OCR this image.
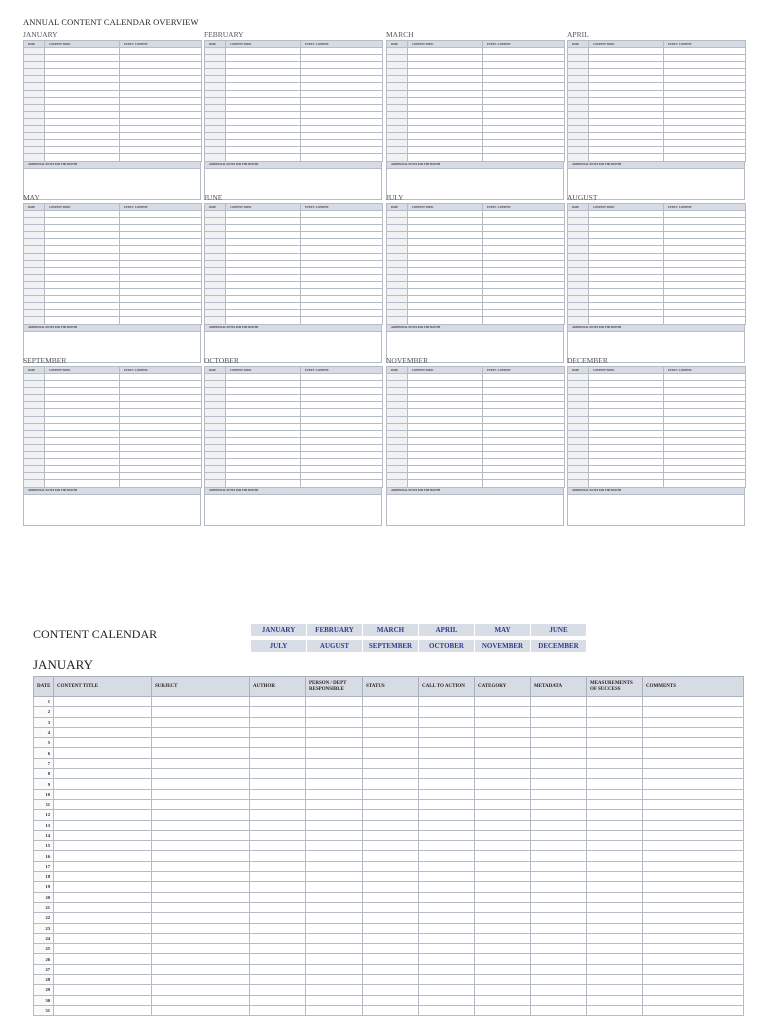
ANNUAL CONTENT CALENDAR OVERVIEW
JANUARY
DATE	CONTENT TOPIC	EVENT / CONTENT

ADDITIONAL NOTES FOR THE MONTH
FEBRUARY
DATE	CONTENT TOPIC	EVENT / CONTENT

ADDITIONAL NOTES FOR THE MONTH
MARCH
DATE	CONTENT TOPIC	EVENT / CONTENT

ADDITIONAL NOTES FOR THE MONTH
APRIL
DATE	CONTENT TOPIC	EVENT / CONTENT

ADDITIONAL NOTES FOR THE MONTH
MAY
DATE	CONTENT TOPIC	EVENT / CONTENT

ADDITIONAL NOTES FOR THE MONTH
JUNE
DATE	CONTENT TOPIC	EVENT / CONTENT

ADDITIONAL NOTES FOR THE MONTH
JULY
DATE	CONTENT TOPIC	EVENT / CONTENT

ADDITIONAL NOTES FOR THE MONTH
AUGUST
DATE	CONTENT TOPIC	EVENT / CONTENT

ADDITIONAL NOTES FOR THE MONTH
SEPTEMBER
DATE	CONTENT TOPIC	EVENT / CONTENT

ADDITIONAL NOTES FOR THE MONTH
OCTOBER
DATE	CONTENT TOPIC	EVENT / CONTENT

ADDITIONAL NOTES FOR THE MONTH
NOVEMBER
DATE	CONTENT TOPIC	EVENT / CONTENT

ADDITIONAL NOTES FOR THE MONTH
DECEMBER
DATE	CONTENT TOPIC	EVENT / CONTENT

ADDITIONAL NOTES FOR THE MONTH
CONTENT CALENDAR	JANUARY	FEBRUARY	MARCH	APRIL	MAY	JUNE
JULY	AUGUST	SEPTEMBER	OCTOBER	NOVEMBER	DECEMBER
JANUARY
DATE	CONTENT TITLE	SUBJECT	AUTHOR	PERSON / DEPT RESPONSIBLE	STATUS	CALL TO ACTION	CATEGORY	METADATA	MEASUREMENTS OF SUCCESS	COMMENTS
1										
2										
3										
4										
5										
6										
7										
8										
9										
10										
11										
12										
13										
14										
15										
16										
17										
18										
19										
20										
21										
22										
23										
24										
25										
26										
27										
28										
29										
30										
31										
